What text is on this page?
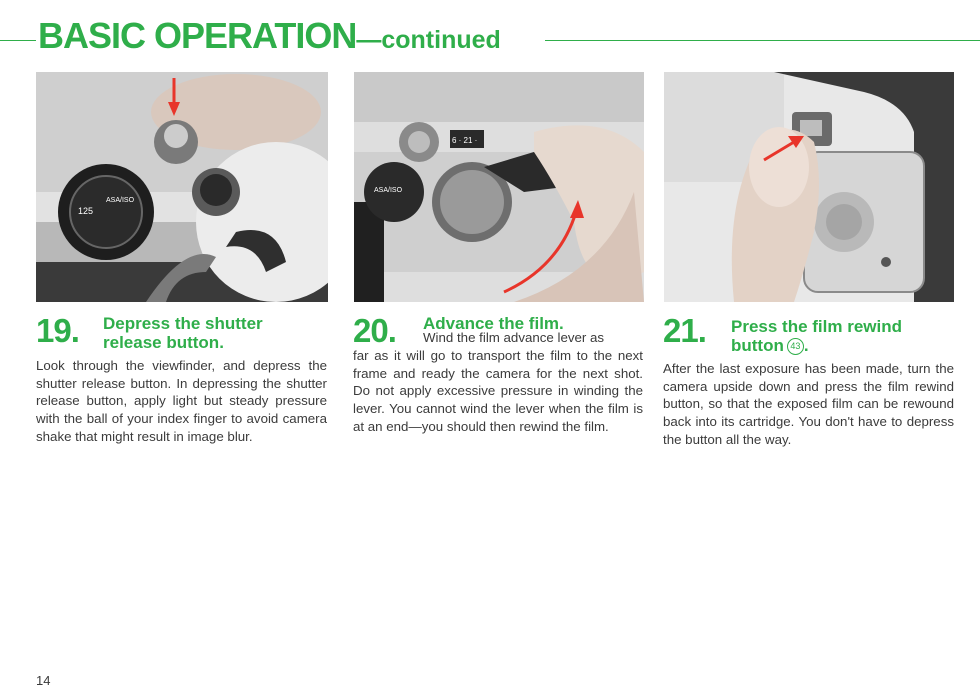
BASIC OPERATION—continued
125
ASA/ISO
ASA/ISO
6 · 21 ·
19. Depress the shutter
release button.

Look through the viewfinder, and depress the shutter release button. In depressing the shutter release button, apply light but steady pressure with the ball of your index finger to avoid camera shake that might result in image blur.

20. Advance the film.

Wind the film advance lever as

far as it will go to transport the film to the next frame and ready the camera for the next shot. Do not apply excessive pressure in winding the lever. You cannot wind the lever when the film is at an end—you should then rewind the film.

21. Press the film rewind
button 43 .

After the last exposure has been made, turn the camera upside down and press the film rewind button, so that the exposed film can be rewound back into its cartridge. You don't have to depress the button all the way.

14
